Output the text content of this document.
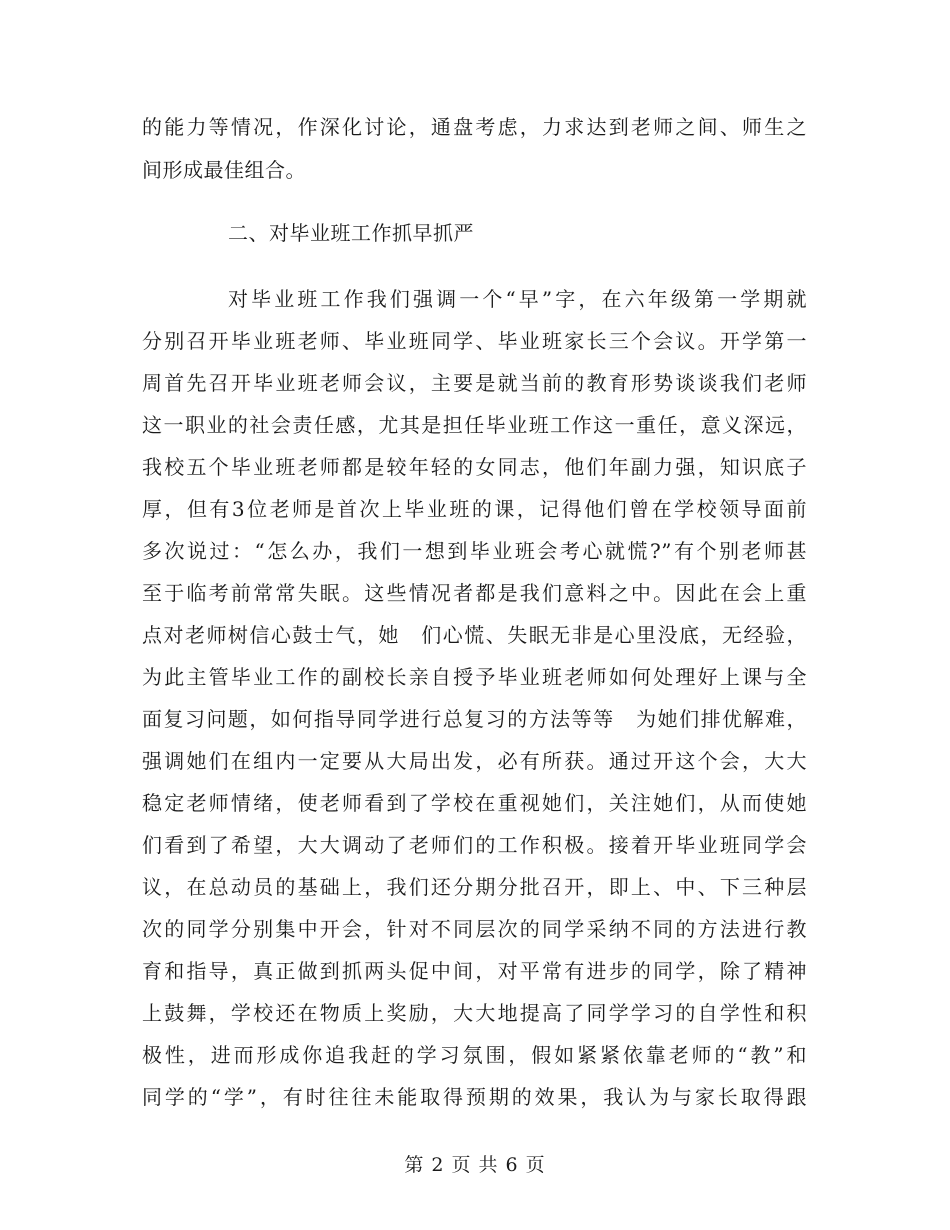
的能力等情况，作深化讨论，通盘考虑，力求达到老师之间、师生之
间形成最佳组合。
二、对毕业班工作抓早抓严
对毕业班工作我们强调一个“早”字，在六年级第一学期就
分别召开毕业班老师、毕业班同学、毕业班家长三个会议。开学第一
周首先召开毕业班老师会议，主要是就当前的教育形势谈谈我们老师
这一职业的社会责任感，尤其是担任毕业班工作这一重任，意义深远，
我校五个毕业班老师都是较年轻的女同志，他们年副力强，知识底子
厚，但有3位老师是首次上毕业班的课，记得他们曾在学校领导面前
多次说过：“怎么办，我们一想到毕业班会考心就慌?”有个别老师甚
至于临考前常常失眠。这些情况者都是我们意料之中。因此在会上重
点对老师树信心鼓士气，她　们心慌、失眠无非是心里没底，无经验，
为此主管毕业工作的副校长亲自授予毕业班老师如何处理好上课与全
面复习问题，如何指导同学进行总复习的方法等等　为她们排优解难，
强调她们在组内一定要从大局出发，必有所获。通过开这个会，大大
稳定老师情绪，使老师看到了学校在重视她们，关注她们，从而使她
们看到了希望，大大调动了老师们的工作积极。接着开毕业班同学会
议，在总动员的基础上，我们还分期分批召开，即上、中、下三种层
次的同学分别集中开会，针对不同层次的同学采纳不同的方法进行教
育和指导，真正做到抓两头促中间，对平常有进步的同学，除了精神
上鼓舞，学校还在物质上奖励，大大地提高了同学学习的自学性和积
极性，进而形成你追我赶的学习氛围，假如紧紧依靠老师的“教”和
同学的“学”，有时往往未能取得预期的效果，我认为与家长取得跟
第 2 页 共 6 页
